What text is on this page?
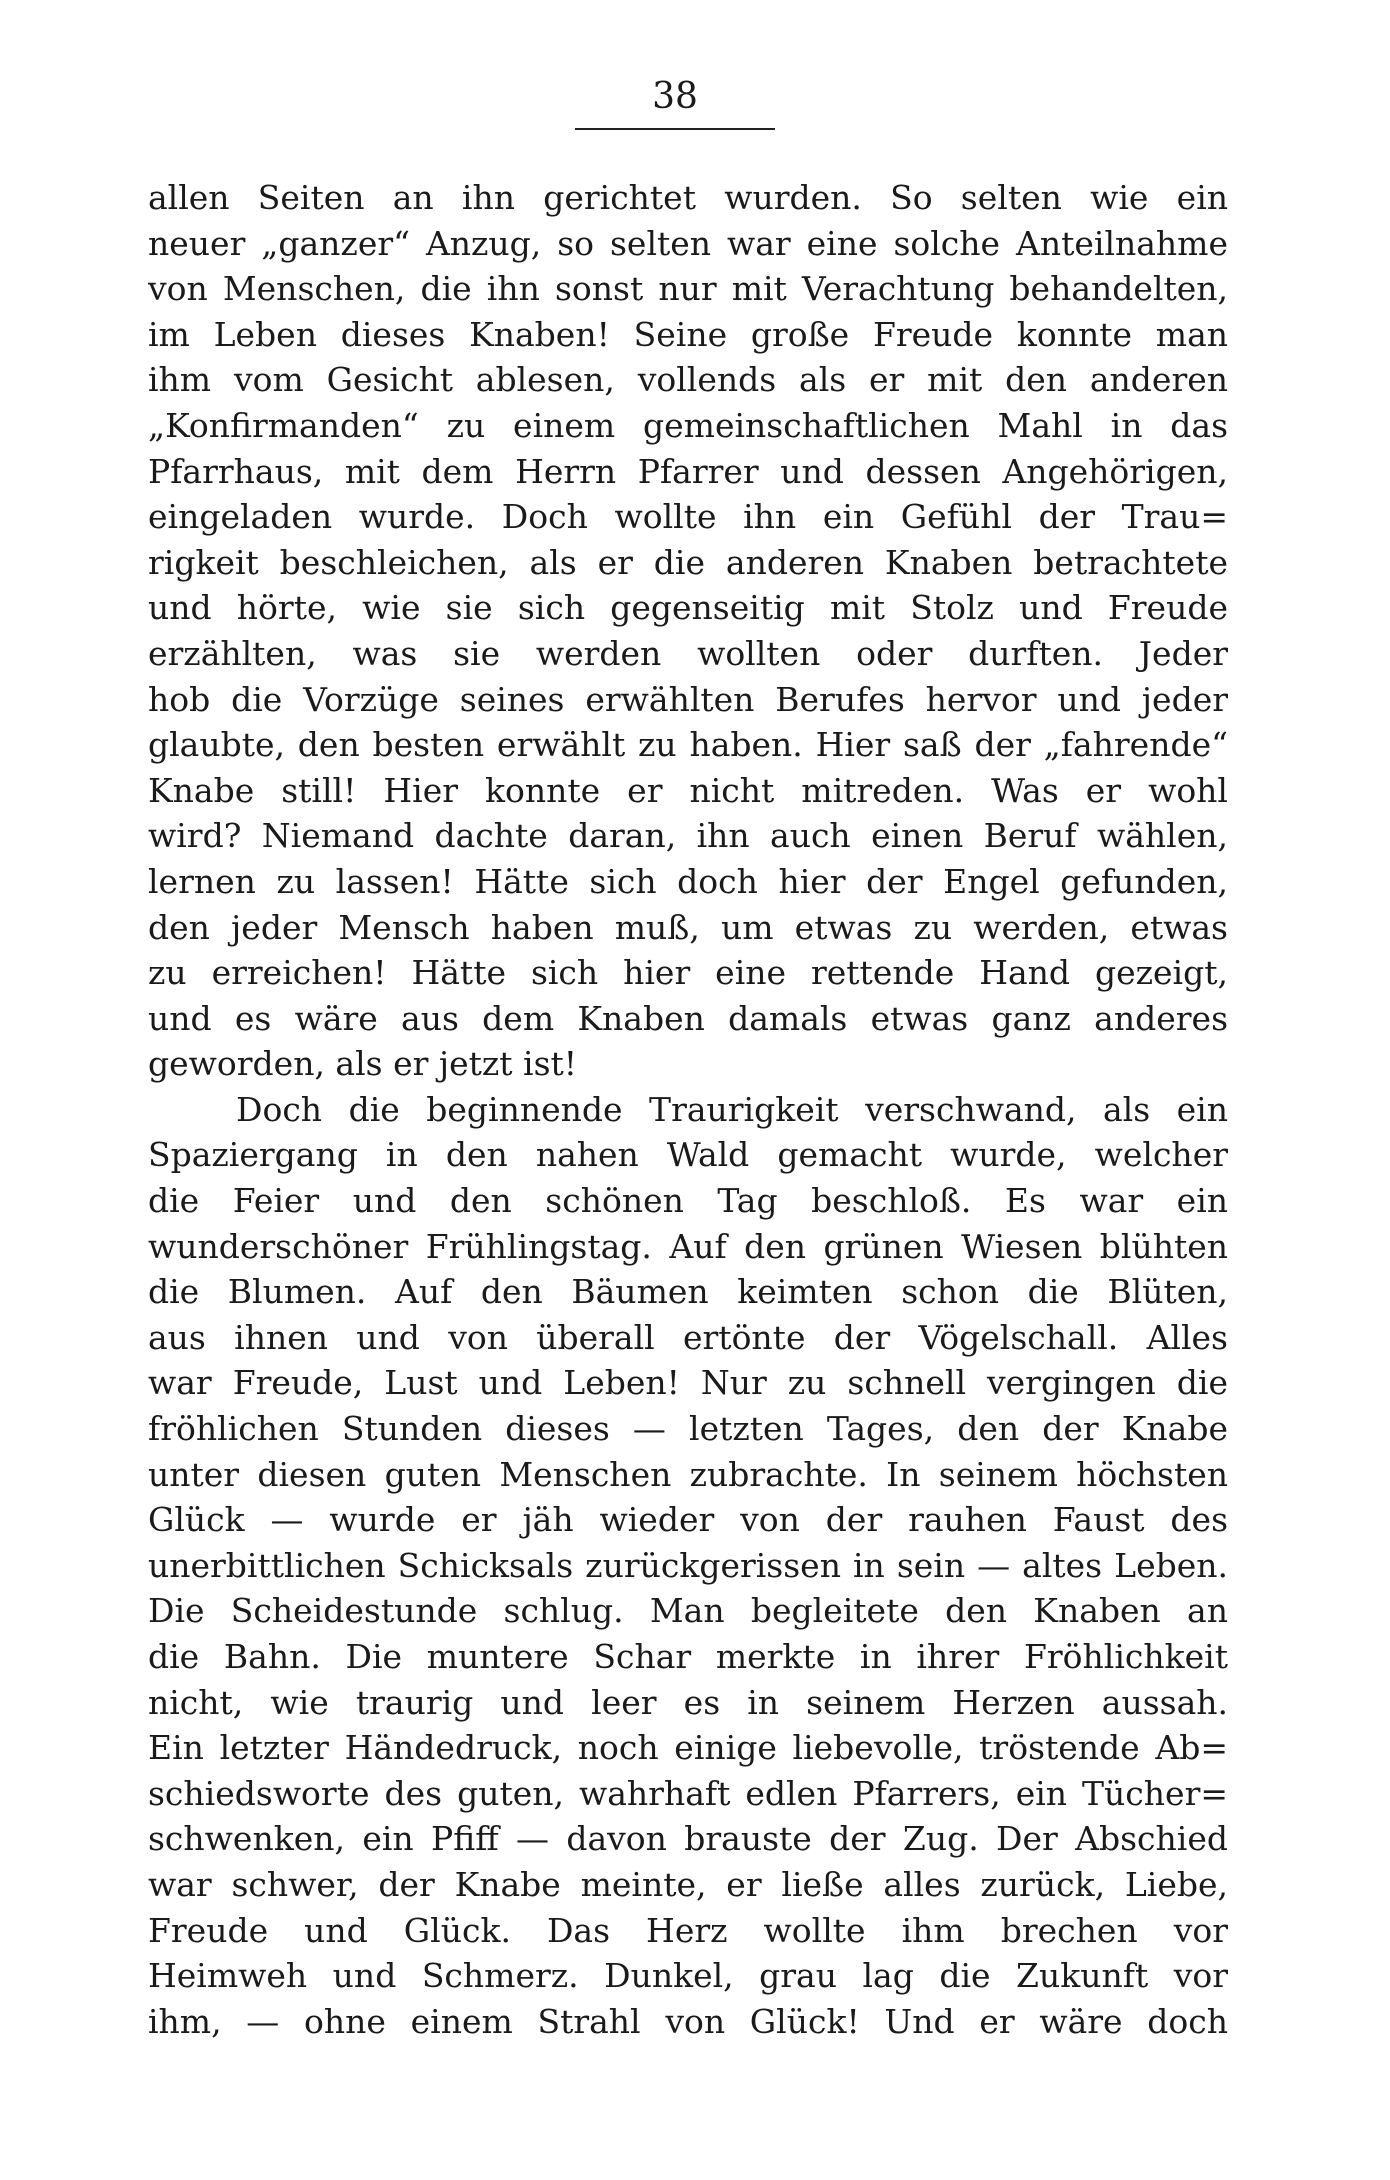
38
allen Seiten an ihn gerichtet wurden. So selten wie ein
neuer „ganzer“ Anzug, so selten war eine solche Anteilnahme
von Menschen, die ihn sonst nur mit Verachtung behandelten,
im Leben dieses Knaben! Seine große Freude konnte man
ihm vom Gesicht ablesen, vollends als er mit den anderen
„Konfirmanden“ zu einem gemeinschaftlichen Mahl in das
Pfarrhaus, mit dem Herrn Pfarrer und dessen Angehörigen,
eingeladen wurde. Doch wollte ihn ein Gefühl der Trau=
rigkeit beschleichen, als er die anderen Knaben betrachtete
und hörte, wie sie sich gegenseitig mit Stolz und Freude
erzählten, was sie werden wollten oder durften. Jeder
hob die Vorzüge seines erwählten Berufes hervor und jeder
glaubte, den besten erwählt zu haben. Hier saß der „fahrende“
Knabe still! Hier konnte er nicht mitreden. Was er wohl
wird? Niemand dachte daran, ihn auch einen Beruf wählen,
lernen zu lassen! Hätte sich doch hier der Engel gefunden,
den jeder Mensch haben muß, um etwas zu werden, etwas
zu erreichen! Hätte sich hier eine rettende Hand gezeigt,
und es wäre aus dem Knaben damals etwas ganz anderes
geworden, als er jetzt ist!
Doch die beginnende Traurigkeit verschwand, als ein
Spaziergang in den nahen Wald gemacht wurde, welcher
die Feier und den schönen Tag beschloß. Es war ein
wunderschöner Frühlingstag. Auf den grünen Wiesen blühten
die Blumen. Auf den Bäumen keimten schon die Blüten,
aus ihnen und von überall ertönte der Vögelschall. Alles
war Freude, Lust und Leben! Nur zu schnell vergingen die
fröhlichen Stunden dieses — letzten Tages, den der Knabe
unter diesen guten Menschen zubrachte. In seinem höchsten
Glück — wurde er jäh wieder von der rauhen Faust des
unerbittlichen Schicksals zurückgerissen in sein — altes Leben.
Die Scheidestunde schlug. Man begleitete den Knaben an
die Bahn. Die muntere Schar merkte in ihrer Fröhlichkeit
nicht, wie traurig und leer es in seinem Herzen aussah.
Ein letzter Händedruck, noch einige liebevolle, tröstende Ab=
schiedsworte des guten, wahrhaft edlen Pfarrers, ein Tücher=
schwenken, ein Pfiff — davon brauste der Zug. Der Abschied
war schwer, der Knabe meinte, er ließe alles zurück, Liebe,
Freude und Glück. Das Herz wollte ihm brechen vor
Heimweh und Schmerz. Dunkel, grau lag die Zukunft vor
ihm, — ohne einem Strahl von Glück! Und er wäre doch
